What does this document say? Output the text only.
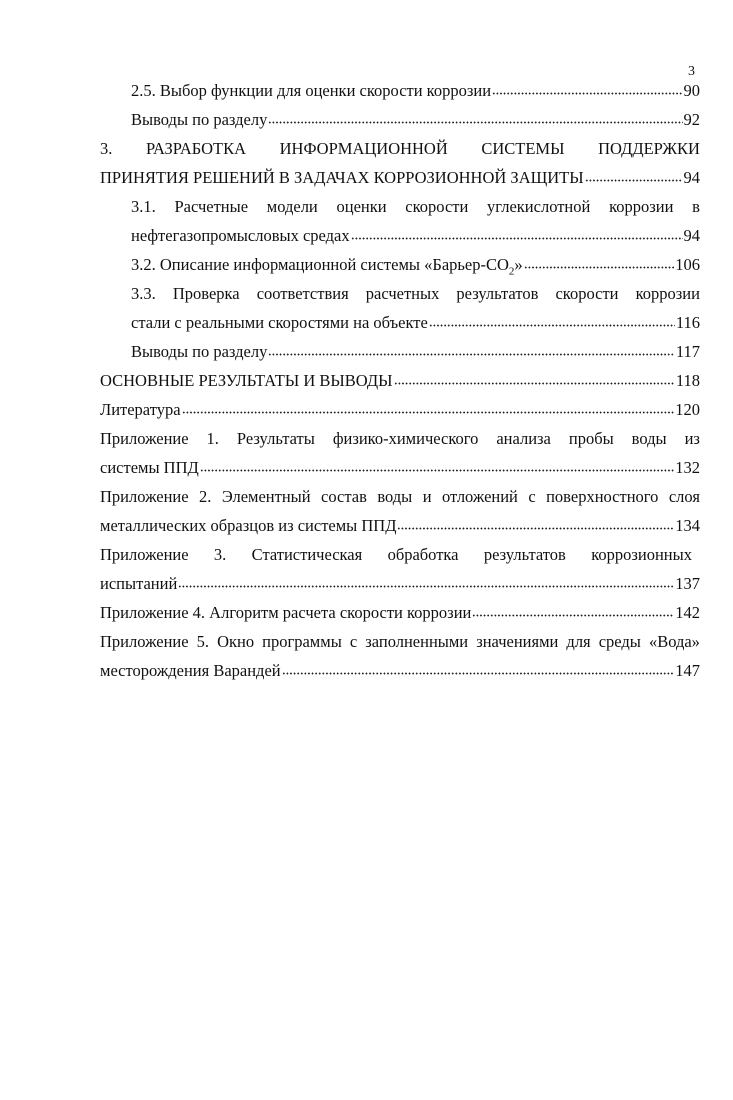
3
2.5. Выбор функции для оценки скорости коррозии	90
Выводы по разделу	92
3. РАЗРАБОТКА ИНФОРМАЦИОННОЙ СИСТЕМЫ ПОДДЕРЖКИ
ПРИНЯТИЯ РЕШЕНИЙ В ЗАДАЧАХ КОРРОЗИОННОЙ ЗАЩИТЫ	94
3.1. Расчетные модели оценки скорости углекислотной коррозии в
нефтегазопромысловых средах	94
3.2. Описание информационной системы «$Барьер-СО_2$»	106
3.3. Проверка соответствия расчетных результатов скорости коррозии
стали с реальными скоростями на объекте	116
Выводы по разделу	117
ОСНОВНЫЕ РЕЗУЛЬТАТЫ И ВЫВОДЫ	118
Литература	120
Приложение 1. Результаты физико-химического анализа пробы воды из
системы ППД	132
Приложение 2. Элементный состав воды и отложений с поверхностного слоя
металлических образцов из системы ППД	134
Приложение 3. Статистическая обработка результатов коррозионных
испытаний	137
Приложение 4. Алгоритм расчета скорости коррозии	142
Приложение 5. Окно программы с заполненными значениями для среды «Вода»
месторождения Варандей	147
